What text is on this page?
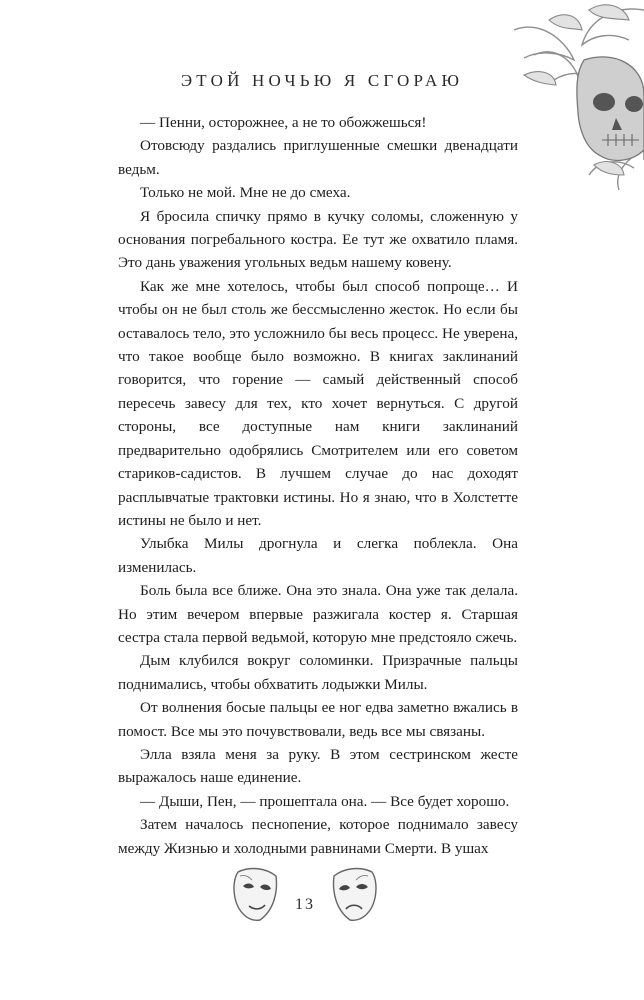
ЭТОЙ НОЧЬЮ Я СГОРАЮ

— Пенни, осторожнее, а не то обожжешься!

Отовсюду раздались приглушенные смешки двенадцати ведьм.

Только не мой. Мне не до смеха.

Я бросила спичку прямо в кучку соломы, сложенную у основания погребального костра. Ее тут же охватило пламя. Это дань уважения угольных ведьм нашему ковену.

Как же мне хотелось, чтобы был способ попроще… И чтобы он не был столь же бессмысленно жесток. Но если бы оставалось тело, это усложнило бы весь процесс. Не уверена, что такое вообще было возможно. В книгах заклинаний говорится, что горение — самый действенный способ пересечь завесу для тех, кто хочет вернуться. С другой стороны, все доступные нам книги заклинаний предварительно одобрялись Смотрителем или его советом стариков-садистов. В лучшем случае до нас доходят расплывчатые трактовки истины. Но я знаю, что в Холстетте истины не было и нет.

Улыбка Милы дрогнула и слегка поблекла. Она изменилась.

Боль была все ближе. Она это знала. Она уже так делала. Но этим вечером впервые разжигала костер я. Старшая сестра стала первой ведьмой, которую мне предстояло сжечь.

Дым клубился вокруг соломинки. Призрачные пальцы поднимались, чтобы обхватить лодыжки Милы.

От волнения босые пальцы ее ног едва заметно вжались в помост. Все мы это почувствовали, ведь все мы связаны.

Элла взяла меня за руку. В этом сестринском жесте выражалось наше единение.

— Дыши, Пен, — прошептала она. — Все будет хорошо.

Затем началось песнопение, которое поднимало завесу между Жизнью и холодными равнинами Смерти. В ушах

13
